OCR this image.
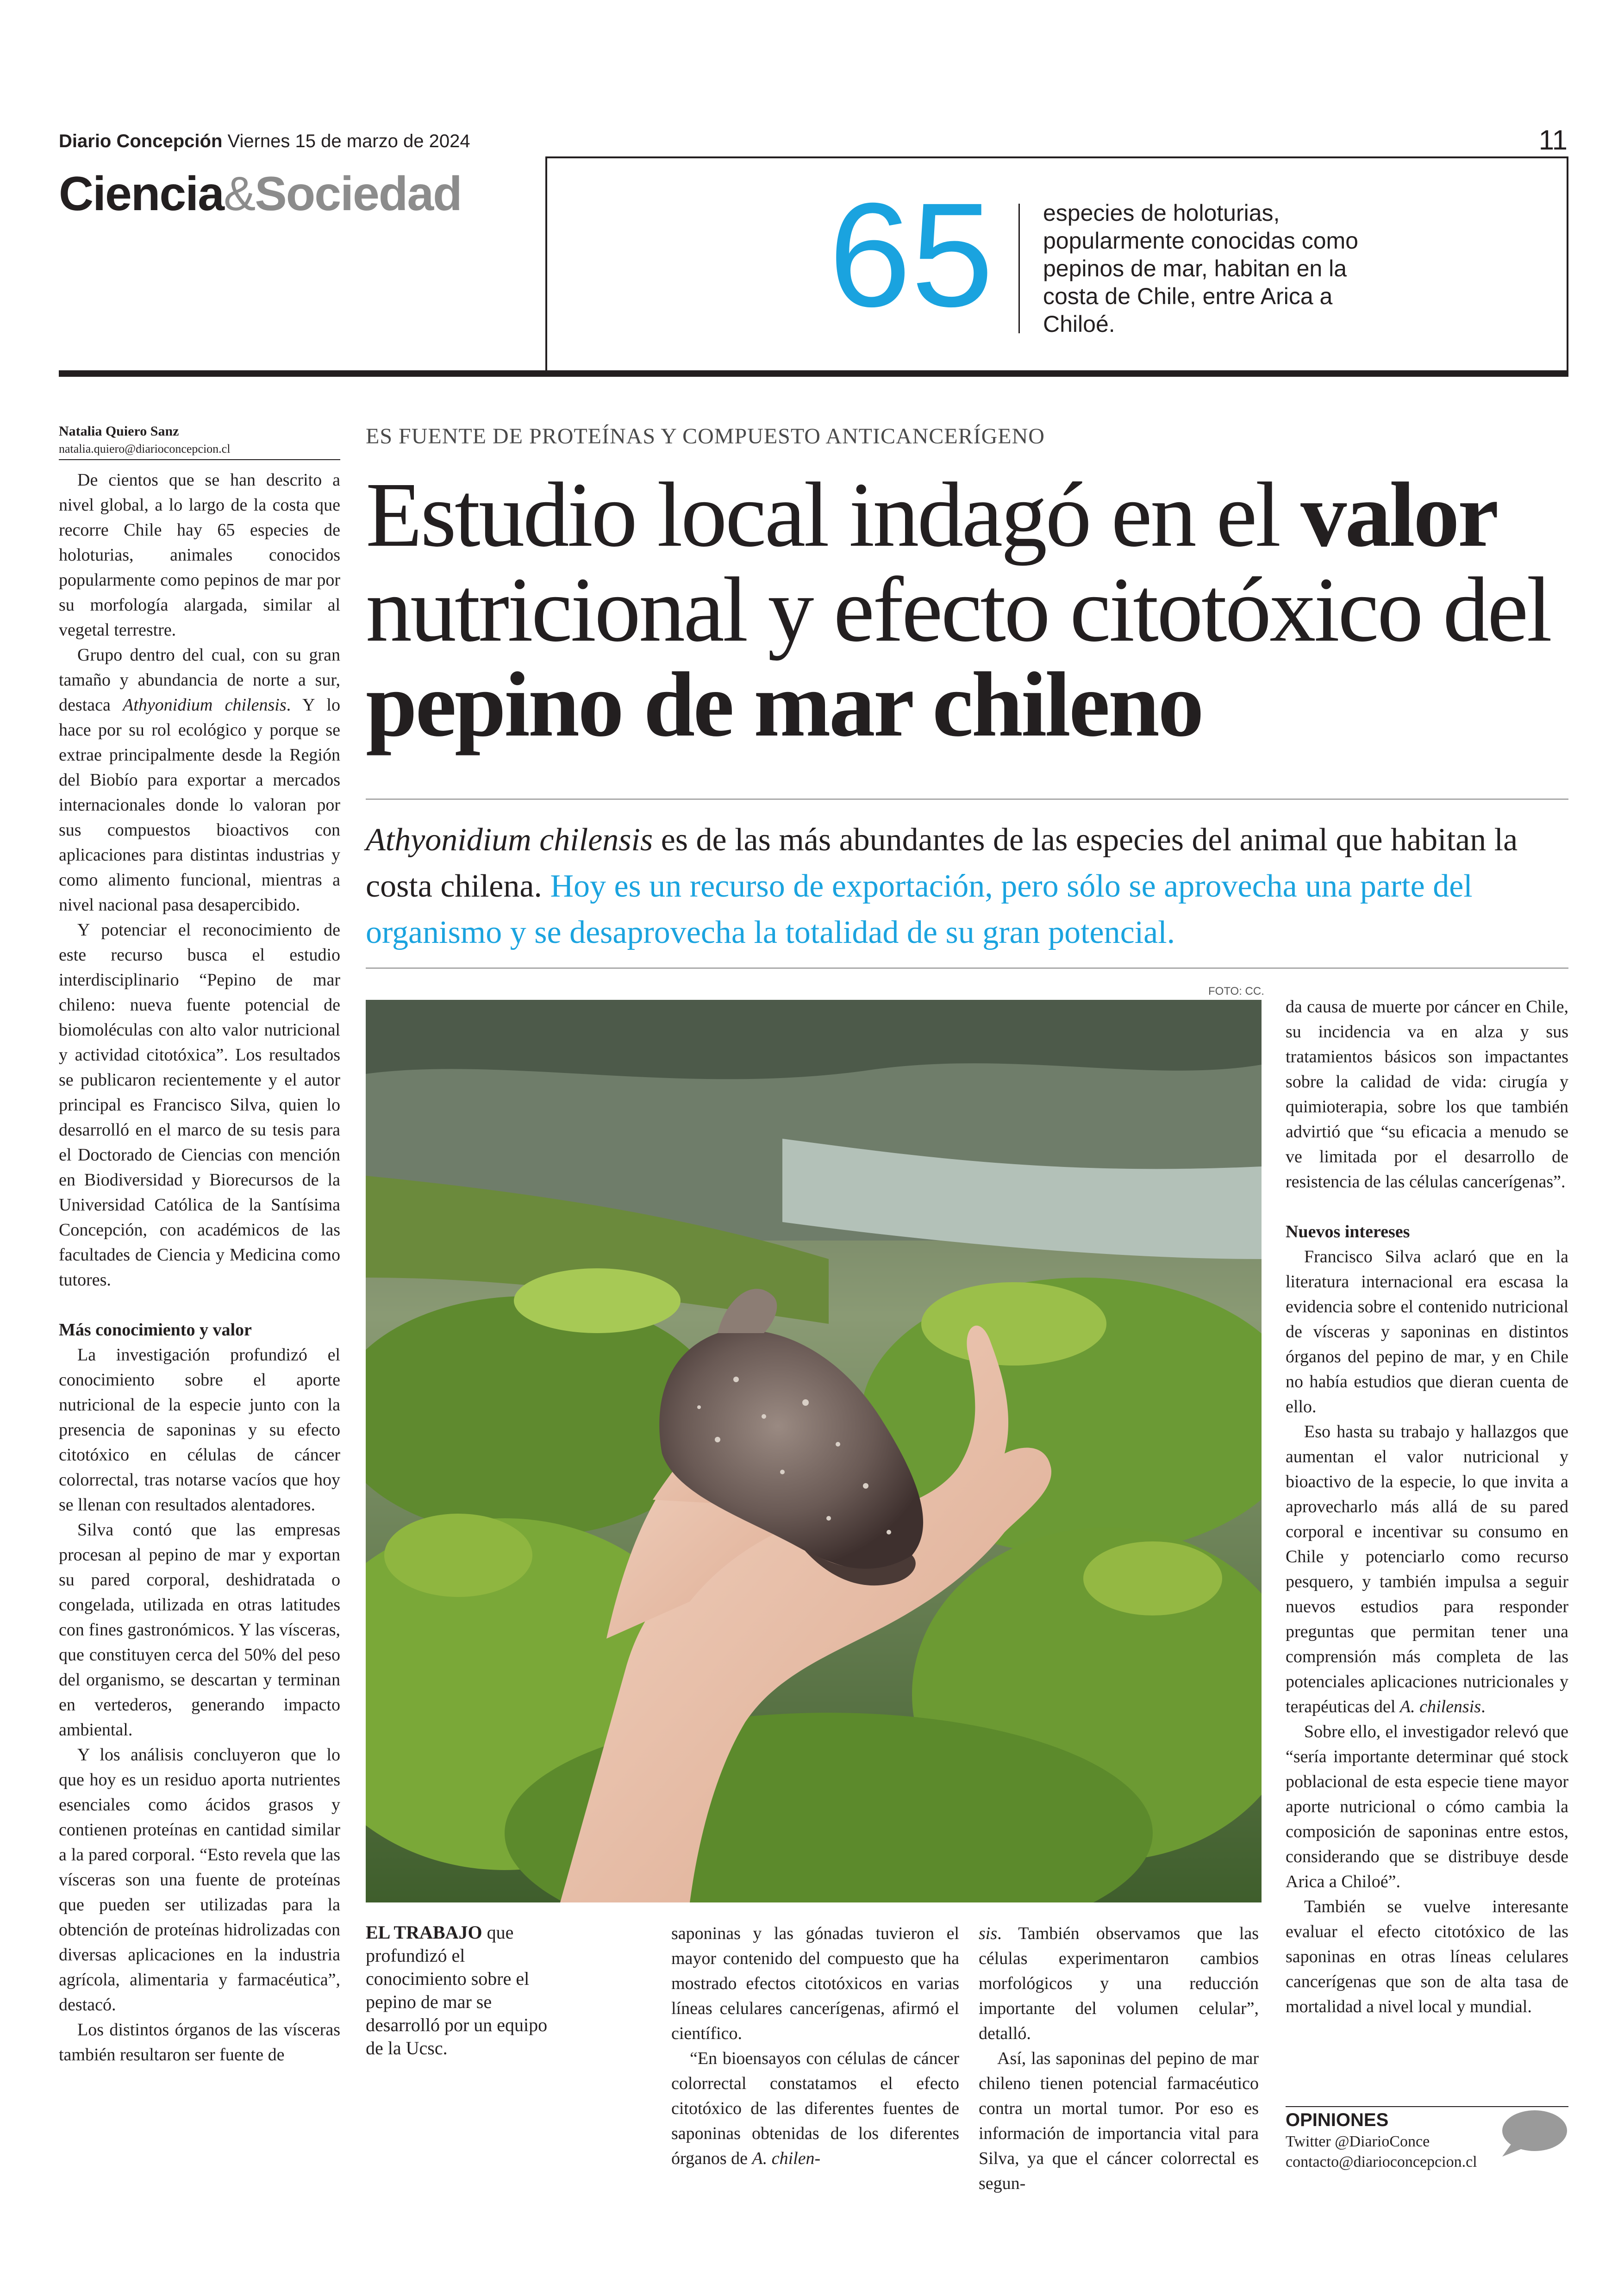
Diario Concepción Viernes 15 de marzo de 2024	11
Ciencia&Sociedad 65 especies de holoturias, popularmente conocidas como pepinos de mar, habitan en la costa de Chile, entre Arica a Chiloé.
Natalia Quiero Sanz
natalia.quiero@diarioconcepcion.cl
ES FUENTE DE PROTEÍNAS Y COMPUESTO ANTICANCERÍGENO
Estudio local indagó en el valor nutricional y efecto citotóxico del pepino de mar chileno
Athyonidium chilensis es de las más abundantes de las especies del animal que habitan la costa chilena. Hoy es un recurso de exportación, pero sólo se aprovecha una parte del organismo y se desaprovecha la totalidad de su gran potencial.

De cientos que se han descrito a nivel global, a lo largo de la costa que recorre Chile hay 65 especies de holoturias, animales conocidos popularmente como pepinos de mar por su morfología alargada, similar al vegetal terrestre.

Grupo dentro del cual, con su gran tamaño y abundancia de norte a sur, destaca Athyonidium chilensis. Y lo hace por su rol ecológico y porque se extrae principalmente desde la Región del Biobío para exportar a mercados internacionales donde lo valoran por sus compuestos bioactivos con aplicaciones para distintas industrias y como alimento funcional, mientras a nivel nacional pasa desapercibido.

Y potenciar el reconocimiento de este recurso busca el estudio interdisciplinario “Pepino de mar chileno: nueva fuente potencial de biomoléculas con alto valor nutricional y actividad citotóxica”. Los resultados se publicaron recientemente y el autor principal es Francisco Silva, quien lo desarrolló en el marco de su tesis para el Doctorado de Ciencias con mención en Biodiversidad y Biorecursos de la Universidad Católica de la Santísima Concepción, con académicos de las facultades de Ciencia y Medicina como tutores.

Más conocimiento y valor

La investigación profundizó el conocimiento sobre el aporte nutricional de la especie junto con la presencia de saponinas y su efecto citotóxico en células de cáncer colorrectal, tras notarse vacíos que hoy se llenan con resultados alentadores.

Silva contó que las empresas procesan al pepino de mar y exportan su pared corporal, deshidratada o congelada, utilizada en otras latitudes con fines gastronómicos. Y las vísceras, que constituyen cerca del 50% del peso del organismo, se descartan y terminan en vertederos, generando impacto ambiental.

Y los análisis concluyeron que lo que hoy es un residuo aporta nutrientes esenciales como ácidos grasos y contienen proteínas en cantidad similar a la pared corporal. “Esto revela que las vísceras son una fuente de proteínas que pueden ser utilizadas para la obtención de proteínas hidrolizadas con diversas aplicaciones en la industria agrícola, alimentaria y farmacéutica”, destacó.

Los distintos órganos de las vísceras también resultaron ser fuente de

FOTO: CC.
EL TRABAJO que profundizó el conocimiento sobre el pepino de mar se desarrolló por un equipo de la Ucsc.

saponinas y las gónadas tuvieron el mayor contenido del compuesto que ha mostrado efectos citotóxicos en varias líneas celulares cancerígenas, afirmó el científico.

“En bioensayos con células de cáncer colorrectal constatamos el efecto citotóxico de las diferentes fuentes de saponinas obtenidas de los diferentes órganos de A. chilen-

sis. También observamos que las células experimentaron cambios morfológicos y una reducción importante del volumen celular”, detalló.

Así, las saponinas del pepino de mar chileno tienen potencial farmacéutico contra un mortal tumor. Por eso es información de importancia vital para Silva, ya que el cáncer colorrectal es segun-

da causa de muerte por cáncer en Chile, su incidencia va en alza y sus tratamientos básicos son impactantes sobre la calidad de vida: cirugía y quimioterapia, sobre los que también advirtió que “su eficacia a menudo se ve limitada por el desarrollo de resistencia de las células cancerígenas”.

Nuevos intereses

Francisco Silva aclaró que en la literatura internacional era escasa la evidencia sobre el contenido nutricional de vísceras y saponinas en distintos órganos del pepino de mar, y en Chile no había estudios que dieran cuenta de ello.

Eso hasta su trabajo y hallazgos que aumentan el valor nutricional y bioactivo de la especie, lo que invita a aprovecharlo más allá de su pared corporal e incentivar su consumo en Chile y potenciarlo como recurso pesquero, y también impulsa a seguir nuevos estudios para responder preguntas que permitan tener una comprensión más completa de las potenciales aplicaciones nutricionales y terapéuticas del A. chilensis.

Sobre ello, el investigador relevó que “sería importante determinar qué stock poblacional de esta especie tiene mayor aporte nutricional o cómo cambia la composición de saponinas entre estos, considerando que se distribuye desde Arica a Chiloé”.

También se vuelve interesante evaluar el efecto citotóxico de las saponinas en otras líneas celulares cancerígenas que son de alta tasa de mortalidad a nivel local y mundial.

OPINIONES
Twitter @DiarioConce
contacto@diarioconcepcion.cl
